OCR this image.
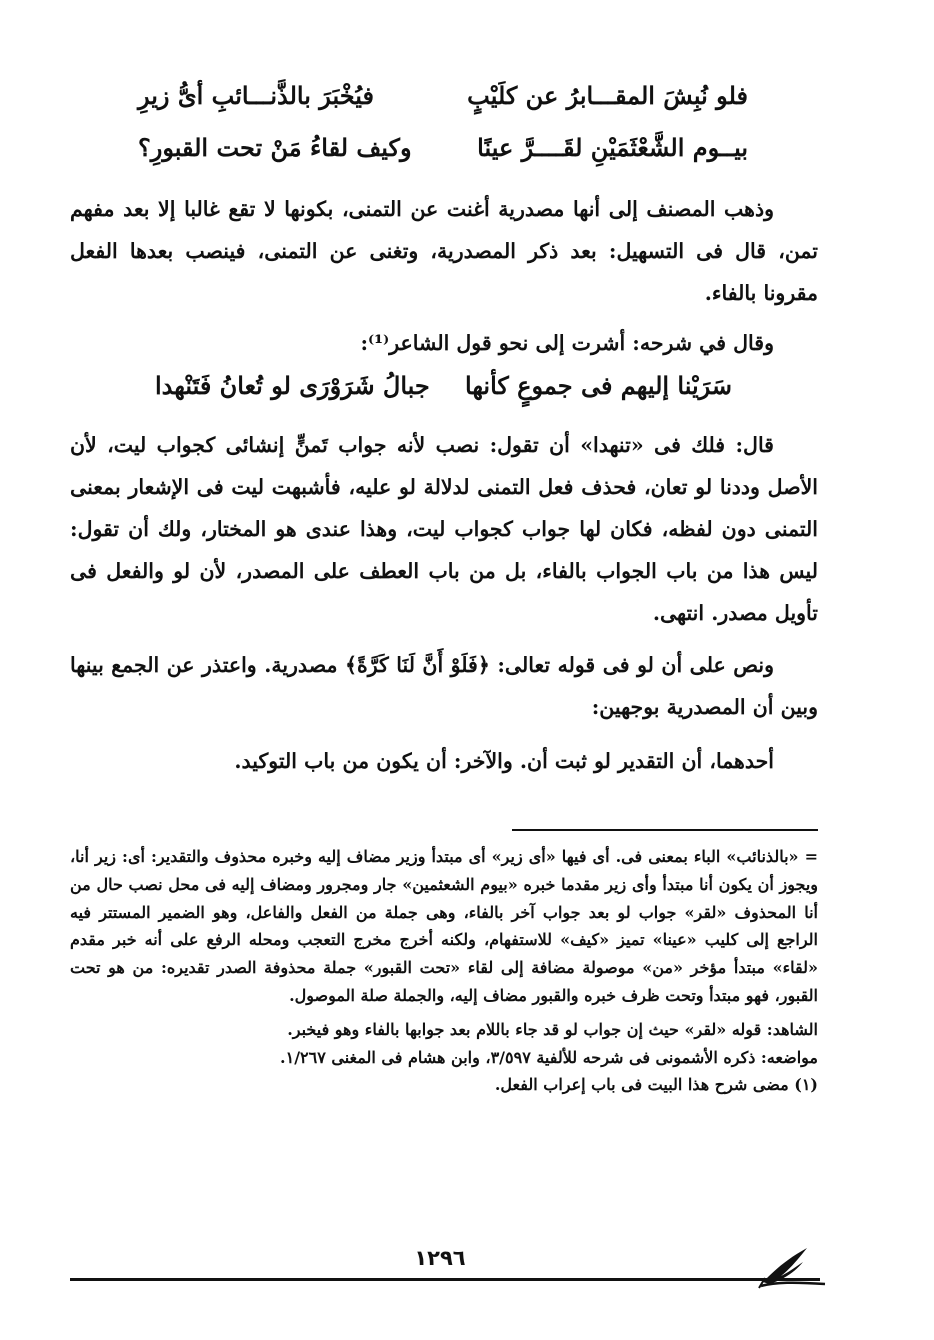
فلو نُبِشَ المقـــابرُ عن كلَيْبٍ
فيُخْبَرَ بالذَّنـــائبِ أىُّ زيرِ
بيــوم الشَّعْثَمَيْنِ لقَــــرَّ عينًا
وكيف لقاءُ مَنْ تحت القبورِ؟

وذهب المصنف إلى أنها مصدرية أغنت عن التمنى، بكونها لا تقع غالبا إلا بعد مفهم تمن، قال فى التسهيل: بعد ذكر المصدرية، وتغنى عن التمنى، فينصب بعدها الفعل مقرونا بالفاء.

وقال في شرحه: أشرت إلى نحو قول الشاعر⁽¹⁾:

سَرَيْنا إليهم فى جموعٍ كأنها
جبالُ شَرَوْرَى لو تُعانُ فَتَنْهدا

قال: فلك فى «تنهدا» أن تقول: نصب لأنه جواب تَمنٍّ إنشائى كجواب ليت، لأن الأصل وددنا لو تعان، فحذف فعل التمنى لدلالة لو عليه، فأشبهت ليت فى الإشعار بمعنى التمنى دون لفظه، فكان لها جواب كجواب ليت، وهذا عندى هو المختار، ولك أن تقول: ليس هذا من باب الجواب بالفاء، بل من باب العطف على المصدر، لأن لو والفعل فى تأويل مصدر. انتهى.

ونص على أن لو فى قوله تعالى: ﴿فَلَوْ أَنَّ لَنَا كَرَّةً﴾ مصدرية. واعتذر عن الجمع بينها وبين أن المصدرية بوجهين:

أحدهما، أن التقدير لو ثبت أن. والآخر: أن يكون من باب التوكيد.

= «بالذنائب» الباء بمعنى فى. أى فيها «أى زير» أى مبتدأ وزير مضاف إليه وخبره محذوف والتقدير: أى: زير أنا، ويجوز أن يكون أنا مبتدأ وأى زير مقدما خبره «بيوم الشعثمين» جار ومجرور ومضاف إليه فى محل نصب حال من أنا المحذوف «لقر» جواب لو بعد جواب آخر بالفاء، وهى جملة من الفعل والفاعل، وهو الضمير المستتر فيه الراجع إلى كليب «عينا» تميز «كيف» للاستفهام، ولكنه أخرج مخرج التعجب ومحله الرفع على أنه خبر مقدم «لقاء» مبتدأ مؤخر «من» موصولة مضافة إلى لقاء «تحت القبور» جملة محذوفة الصدر تقديره: من هو تحت القبور، فهو مبتدأ وتحت ظرف خبره والقبور مضاف إليه، والجملة صلة الموصول.

الشاهد: قوله «لقر» حيث إن جواب لو قد جاء باللام بعد جوابها بالفاء وهو فيخبر.

مواضعه: ذكره الأشمونى فى شرحه للألفية ٣/٥٩٧، وابن هشام فى المغنى ١/٢٦٧.

(١) مضى شرح هذا البيت فى باب إعراب الفعل.

١٢٩٦
